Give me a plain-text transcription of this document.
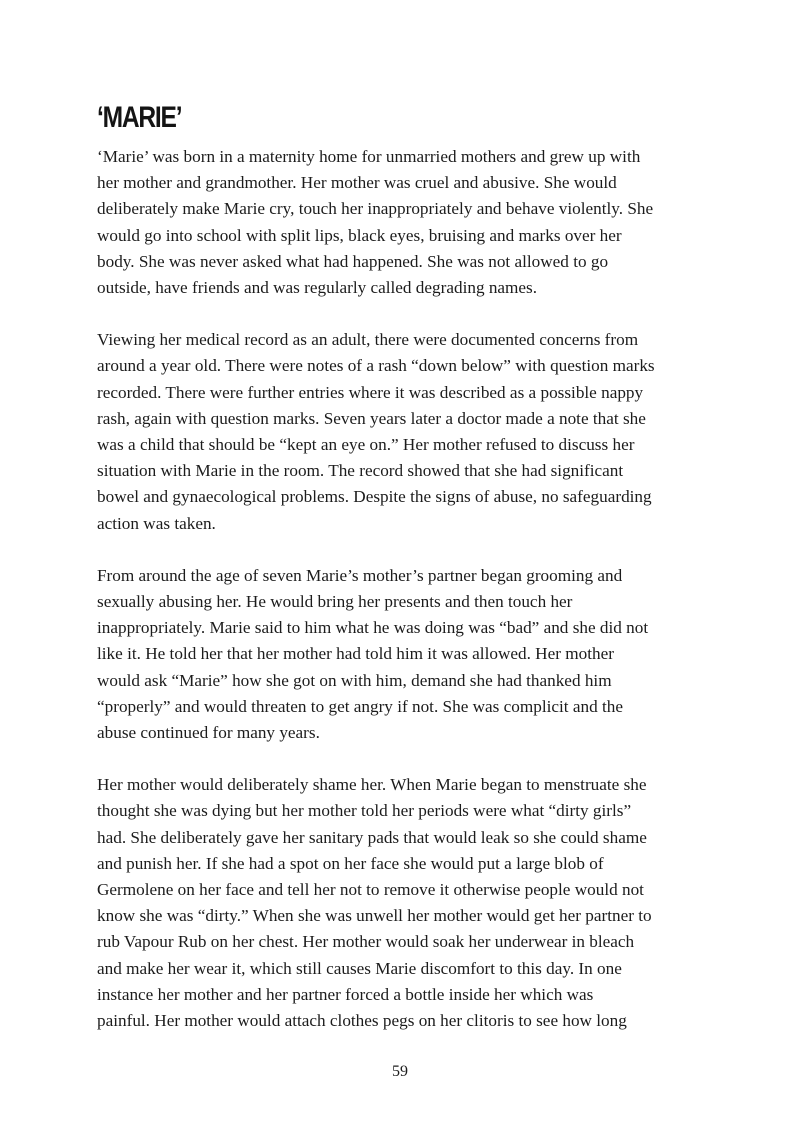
‘MARIE’

‘Marie’ was born in a maternity home for unmarried mothers and grew up with
her mother and grandmother. Her mother was cruel and abusive. She would
deliberately make Marie cry, touch her inappropriately and behave violently. She
would go into school with split lips, black eyes, bruising and marks over her
body. She was never asked what had happened. She was not allowed to go
outside, have friends and was regularly called degrading names.

Viewing her medical record as an adult, there were documented concerns from
around a year old. There were notes of a rash “down below” with question marks
recorded. There were further entries where it was described as a possible nappy
rash, again with question marks. Seven years later a doctor made a note that she
was a child that should be “kept an eye on.” Her mother refused to discuss her
situation with Marie in the room. The record showed that she had significant
bowel and gynaecological problems. Despite the signs of abuse, no safeguarding
action was taken.

From around the age of seven Marie’s mother’s partner began grooming and
sexually abusing her. He would bring her presents and then touch her
inappropriately. Marie said to him what he was doing was “bad” and she did not
like it. He told her that her mother had told him it was allowed. Her mother
would ask “Marie” how she got on with him, demand she had thanked him
“properly” and would threaten to get angry if not. She was complicit and the
abuse continued for many years.

Her mother would deliberately shame her. When Marie began to menstruate she
thought she was dying but her mother told her periods were what “dirty girls”
had. She deliberately gave her sanitary pads that would leak so she could shame
and punish her. If she had a spot on her face she would put a large blob of
Germolene on her face and tell her not to remove it otherwise people would not
know she was “dirty.” When she was unwell her mother would get her partner to
rub Vapour Rub on her chest. Her mother would soak her underwear in bleach
and make her wear it, which still causes Marie discomfort to this day. In one
instance her mother and her partner forced a bottle inside her which was
painful. Her mother would attach clothes pegs on her clitoris to see how long

59
